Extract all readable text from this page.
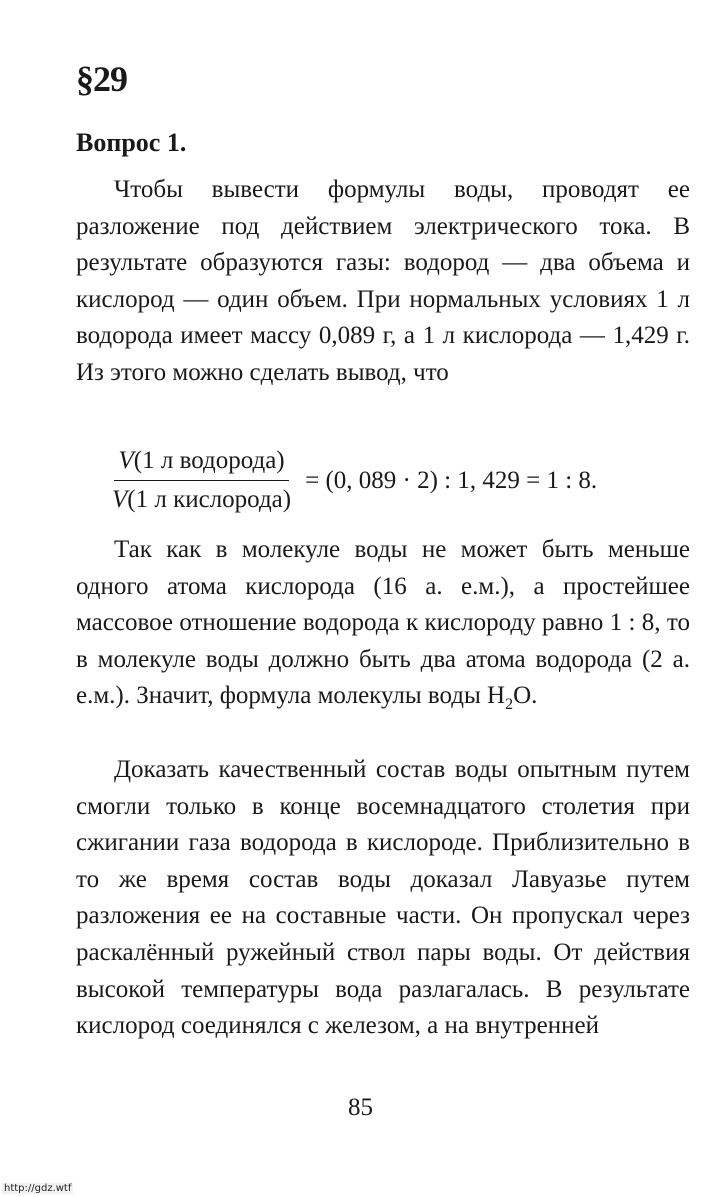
§29
Вопрос 1.

Чтобы вывести формулы воды, проводят ее разложение под действием электрического тока. В результате образуются газы: водород — два объема и кислород — один объем. При нормальных условиях 1 л водорода имеет массу 0,089 г, а 1 л кислорода — 1,429 г. Из этого можно сделать вывод, что

$\frac{\text{V(1 л водорода)}}{\text{V(1 л кислорода)}} = (0$, 089 · 2) : 1, 429 = 1 : 8.

Так как в молекуле воды не может быть меньше одного атома кислорода (16 а. е.м.), а простейшее массовое отношение водорода к кислороду равно 1 : 8, то в молекуле воды должно быть два атома водорода (2 а. е.м.). Значит, формула молекулы воды $H_2O$.

Доказать качественный состав воды опытным путем смогли только в конце восемнадцатого столетия при сжигании газа водорода в кислороде. Приблизительно в то же время состав воды доказал Лавуазье путем разложения ее на составные части. Он пропускал через раскалённый ружейный ствол пары воды. От действия высокой температуры вода разлагалась. В результате кислород соединялся с железом, а на внутренней

85

http://gdz.wtf
